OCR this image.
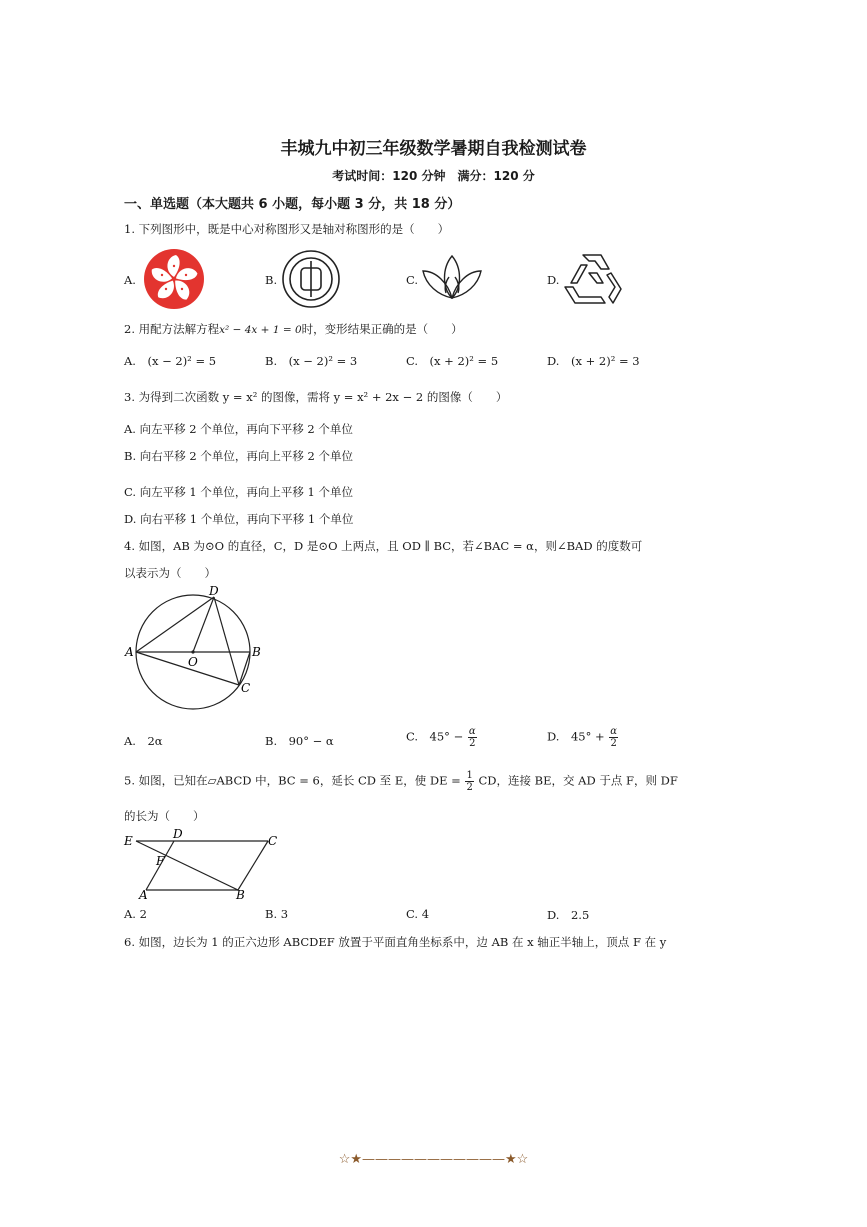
丰城九中初三年级数学暑期自我检测试卷
考试时间：120 分钟　满分：120 分
一、单选题（本大题共 6 小题，每小题 3 分，共 18 分）
1. 下列图形中，既是中心对称图形又是轴对称图形的是（　　）
A.	B.	C.	D.
2. 用配方法解方程x² − 4x + 1 = 0时，变形结果正确的是（　　）
A.　(x − 2)² = 5	B.　(x − 2)² = 3	C.　(x + 2)² = 5	D.　(x + 2)² = 3
3. 为得到二次函数 y = x² 的图像，需将 y = x² + 2x − 2 的图像（　　）
A. 向左平移 2 个单位，再向下平移 2 个单位
B. 向右平移 2 个单位，再向上平移 2 个单位
C. 向左平移 1 个单位，再向上平移 1 个单位
D. 向右平移 1 个单位，再向下平移 1 个单位
4. 如图，AB 为⊙O 的直径，C，D 是⊙O 上两点，且 OD ∥ BC，若∠BAC = α，则∠BAD 的度数可
以表示为（　　）
A	B
C
D
O
A.　2α	B.　90° − α	C.　$45^\circ - \frac{\alpha}{2}$	D.　$45^\circ + \frac{\alpha}{2}$
5. 如图，已知在▱ABCD 中，BC = 6，延长 CD 至 E，使 DE = $\frac{1}{2}$ CD，连接 BE，交 AD 于点 F，则 DF
的长为（　　）
E	D	C
F
A	B
A. 2	B. 3	C. 4	D.　2.5
6. 如图，边长为 1 的正六边形 ABCDEF 放置于平面直角坐标系中，边 AB 在 x 轴正半轴上，顶点 F 在 y
☆★———————————★☆
